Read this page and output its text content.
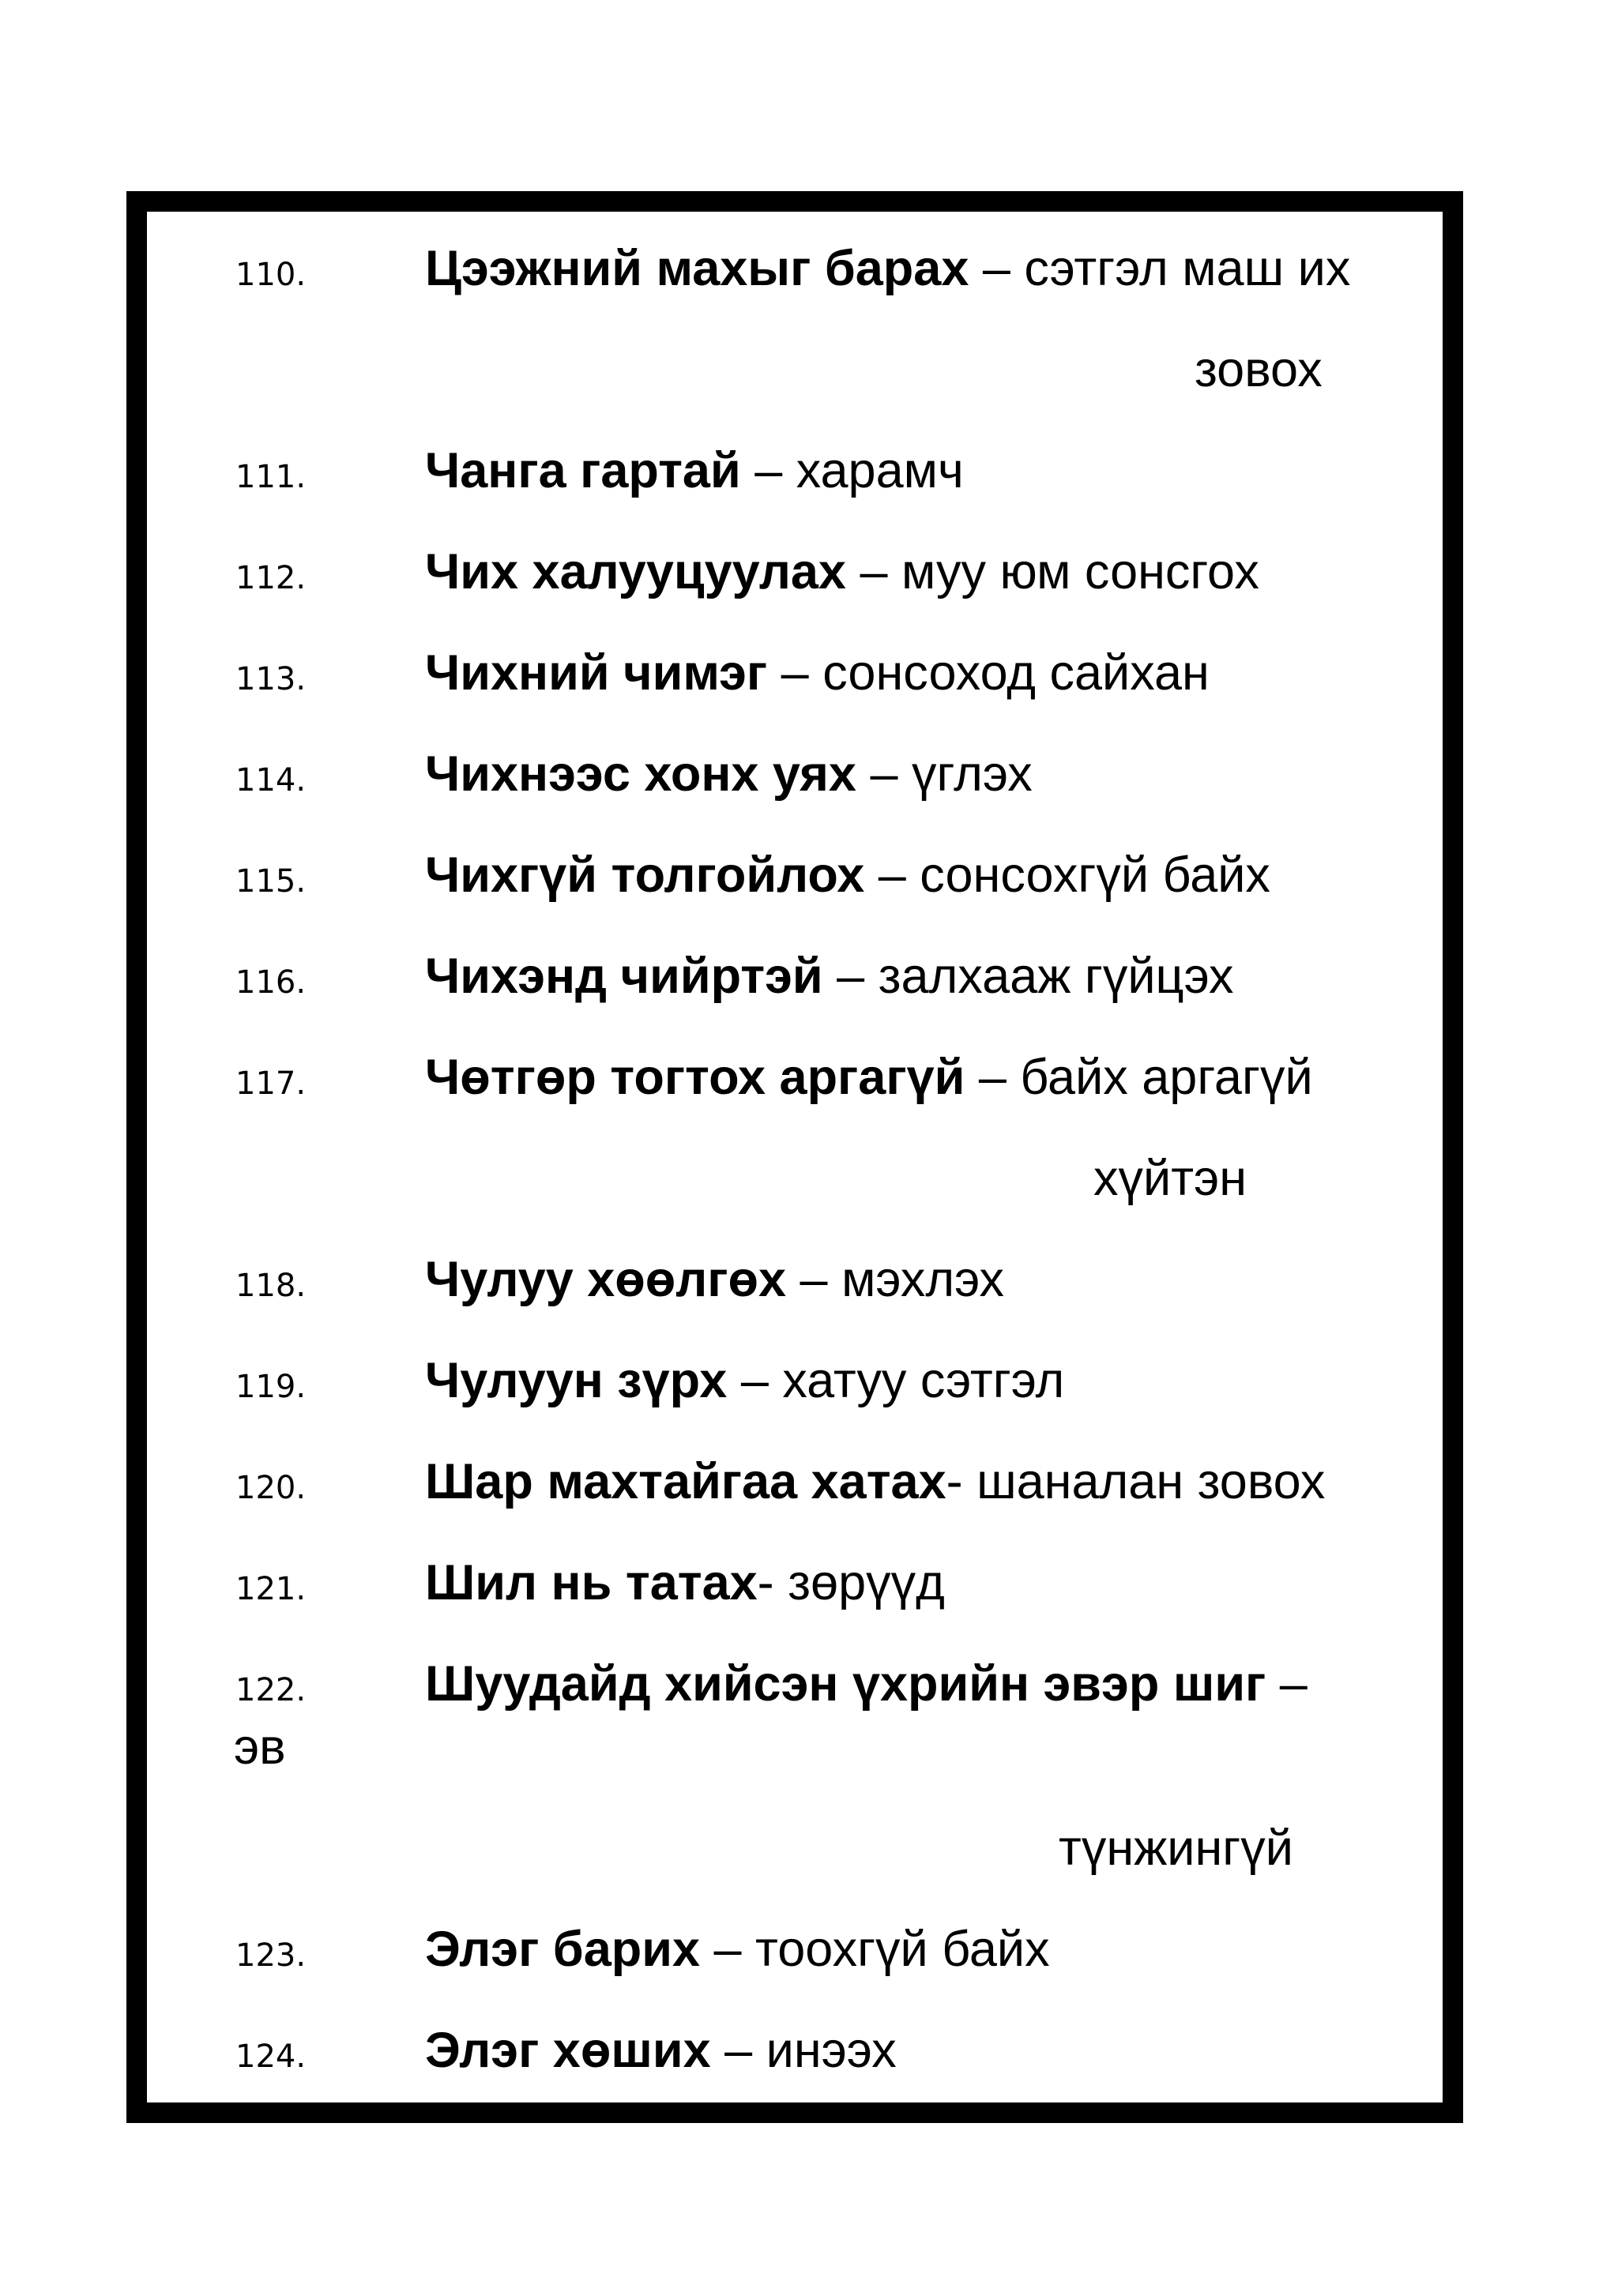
110. Цээжний махыг барах – сэтгэл маш их
зовох
111. Чанга гартай – харамч
112. Чих халууцуулах – муу юм сонсгох
113. Чихний чимэг – сонсоход сайхан
114. Чихнээс хонх уях – үглэх
115. Чихгүй толгойлох – сонсохгүй байх
116. Чихэнд чийртэй – залхааж гүйцэх
117. Чөтгөр тогтох аргагүй – байх аргагүй
хүйтэн
118. Чулуу хөөлгөх – мэхлэх
119. Чулуун зүрх – хатуу сэтгэл
120. Шар махтайгаа хатах- шаналан зовох
121. Шил нь татах- зөрүүд
122. Шуудайд хийсэн үхрийн эвэр шиг –
эв
түнжингүй
123. Элэг барих – тоохгүй байх
124. Элэг хөших – инээх
